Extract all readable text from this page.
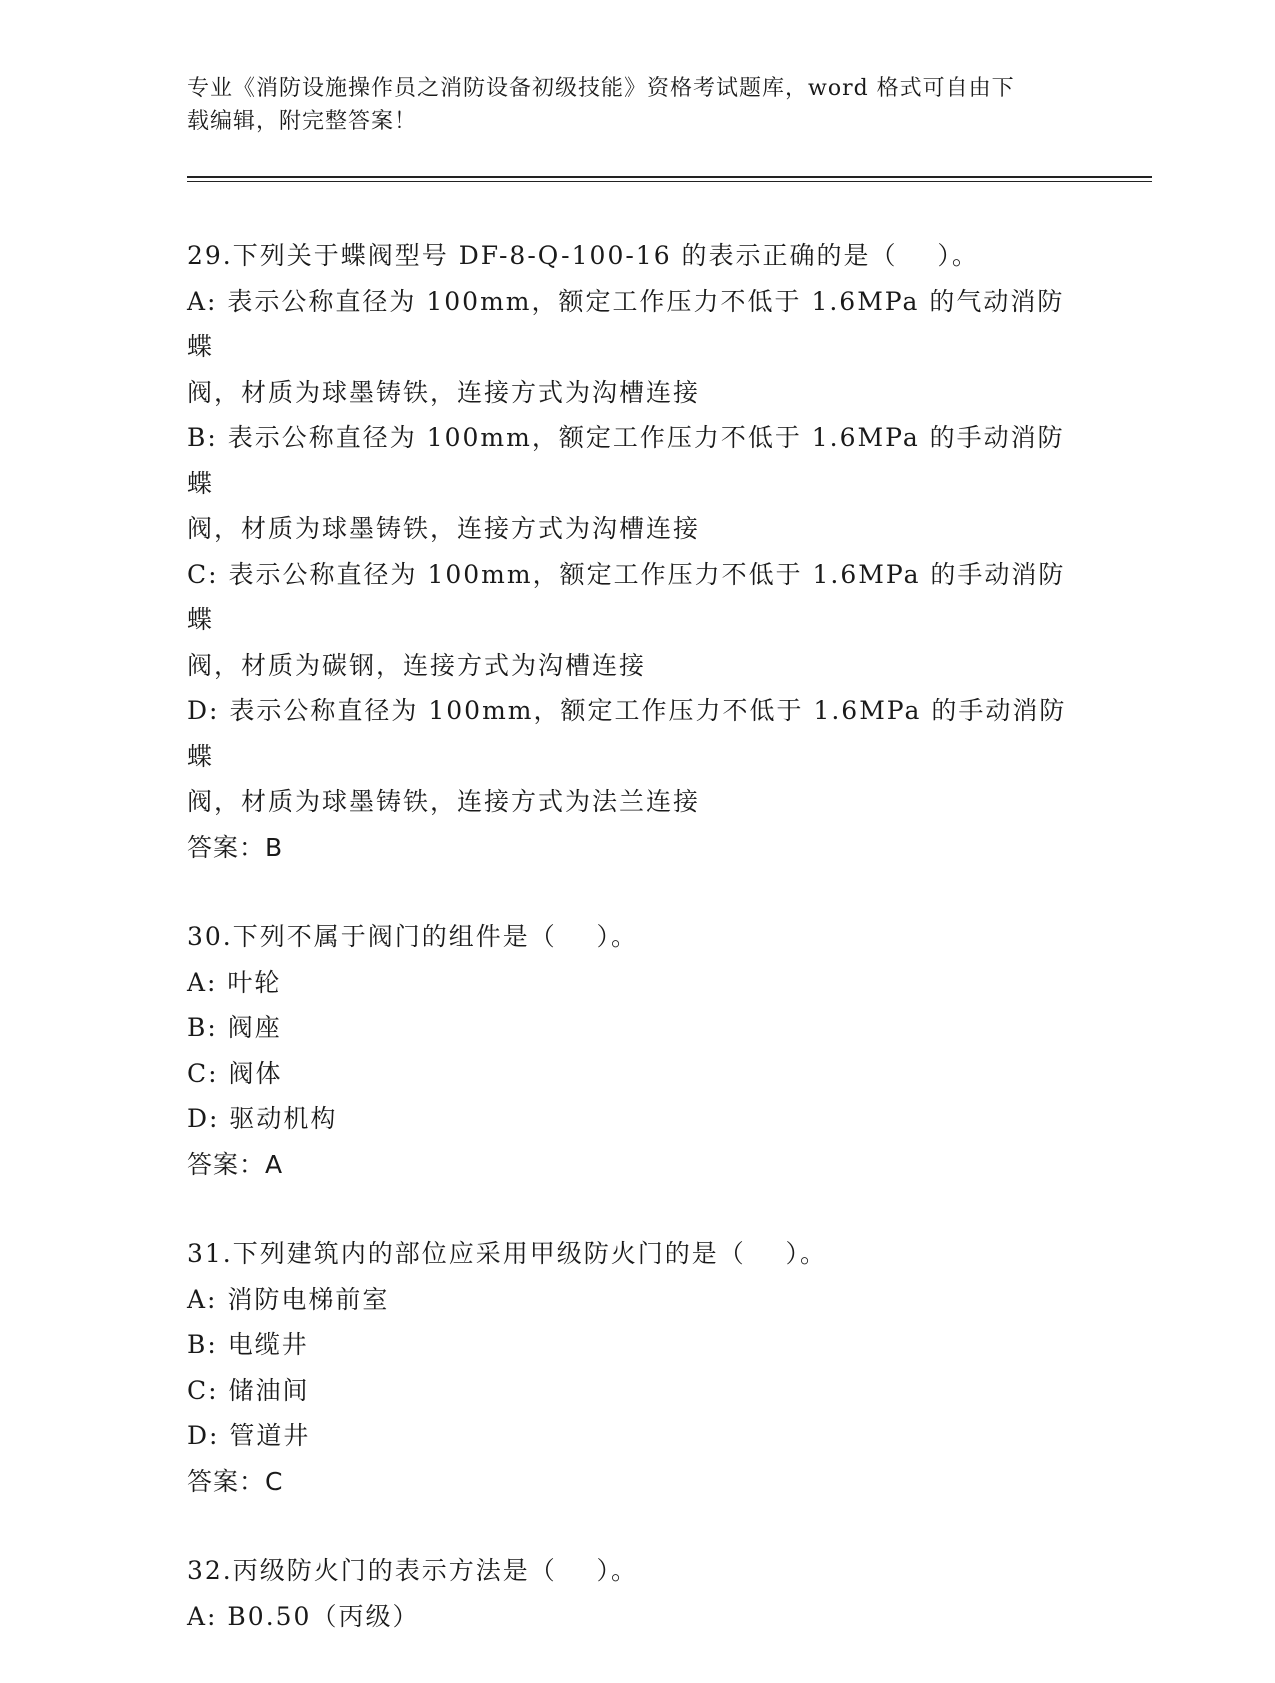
专业《消防设施操作员之消防设备初级技能》资格考试题库，word 格式可自由下
载编辑，附完整答案！
29.下列关于蝶阀型号 DF-8-Q-100-16 的表示正确的是（    ）。
A: 表示公称直径为 100mm，额定工作压力不低于 1.6MPa 的气动消防蝶
阀，材质为球墨铸铁，连接方式为沟槽连接
B: 表示公称直径为 100mm，额定工作压力不低于 1.6MPa 的手动消防蝶
阀，材质为球墨铸铁，连接方式为沟槽连接
C: 表示公称直径为 100mm，额定工作压力不低于 1.6MPa 的手动消防蝶
阀，材质为碳钢，连接方式为沟槽连接
D: 表示公称直径为 100mm，额定工作压力不低于 1.6MPa 的手动消防蝶
阀，材质为球墨铸铁，连接方式为法兰连接
答案：B
30.下列不属于阀门的组件是（    ）。
A: 叶轮
B: 阀座
C: 阀体
D: 驱动机构
答案：A
31.下列建筑内的部位应采用甲级防火门的是（    ）。
A: 消防电梯前室
B: 电缆井
C: 储油间
D: 管道井
答案：C
32.丙级防火门的表示方法是（    ）。
A: B0.50（丙级）
